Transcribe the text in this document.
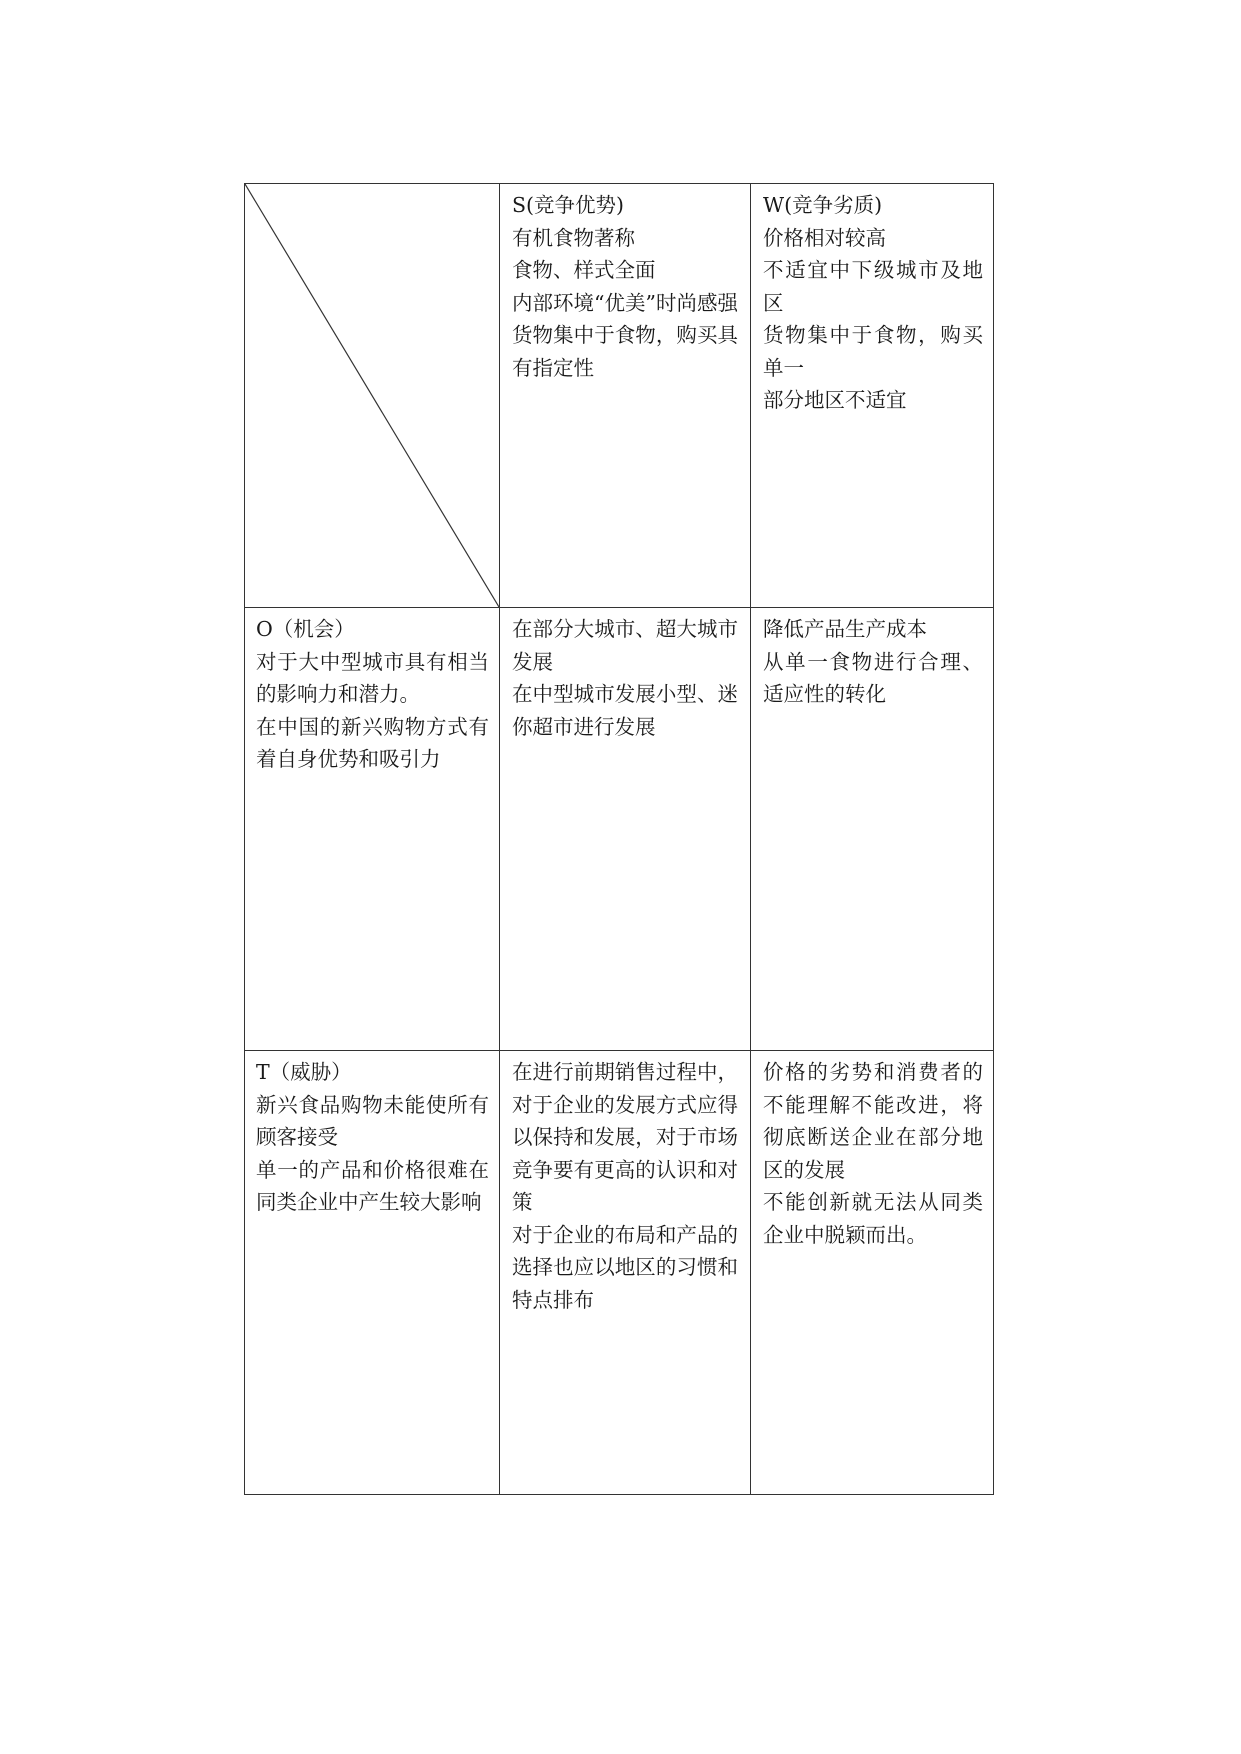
S(竞争优势)
有机食物著称
食物、样式全面
内部环境“优美”时尚感强
货物集中于食物，购买具有指定性
W(竞争劣质)
价格相对较高
不适宜中下级城市及地区
货物集中于食物，购买单一
部分地区不适宜
O（机会）
对于大中型城市具有相当的影响力和潜力。
在中国的新兴购物方式有着自身优势和吸引力
在部分大城市、超大城市发展
在中型城市发展小型、迷你超市进行发展
降低产品生产成本
从单一食物进行合理、适应性的转化
T（威胁）
新兴食品购物未能使所有顾客接受
单一的产品和价格很难在同类企业中产生较大影响
在进行前期销售过程中，对于企业的发展方式应得以保持和发展，对于市场竞争要有更高的认识和对策
对于企业的布局和产品的选择也应以地区的习惯和特点排布
价格的劣势和消费者的不能理解不能改进，将彻底断送企业在部分地区的发展
不能创新就无法从同类企业中脱颖而出。
